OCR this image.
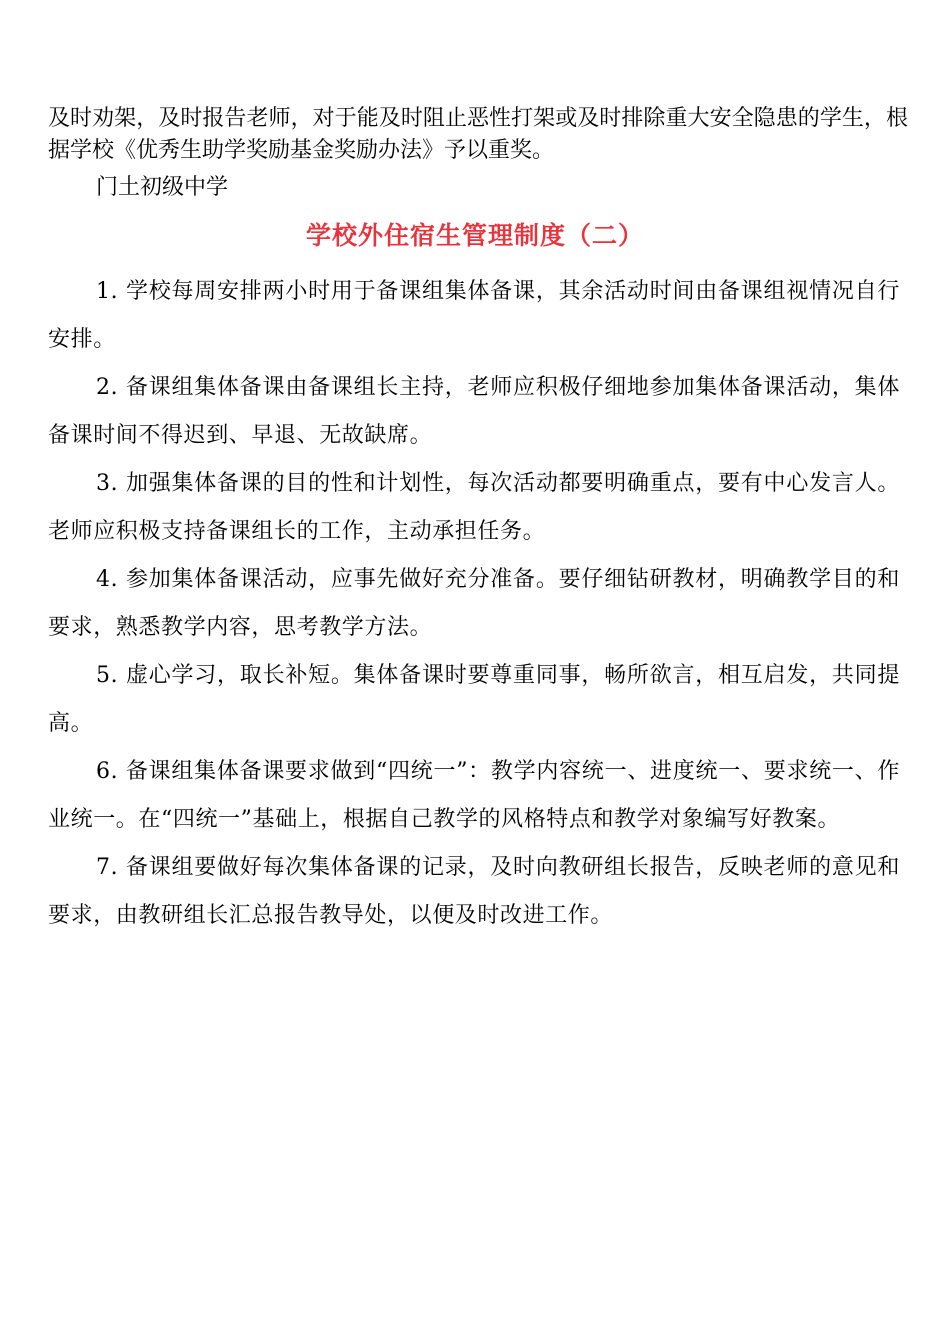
及时劝架，及时报告老师，对于能及时阻止恶性打架或及时排除重大安全隐患的学生，根据学校《优秀生助学奖励基金奖励办法》予以重奖。

门土初级中学

学校外住宿生管理制度（二）

1. 学校每周安排两小时用于备课组集体备课，其余活动时间由备课组视情况自行安排。

2. 备课组集体备课由备课组长主持，老师应积极仔细地参加集体备课活动，集体备课时间不得迟到、早退、无故缺席。

3. 加强集体备课的目的性和计划性，每次活动都要明确重点，要有中心发言人。老师应积极支持备课组长的工作，主动承担任务。

4. 参加集体备课活动，应事先做好充分准备。要仔细钻研教材，明确教学目的和要求，熟悉教学内容，思考教学方法。

5. 虚心学习，取长补短。集体备课时要尊重同事，畅所欲言，相互启发，共同提高。

6. 备课组集体备课要求做到“四统一”：教学内容统一、进度统一、要求统一、作业统一。在“四统一”基础上，根据自己教学的风格特点和教学对象编写好教案。

7. 备课组要做好每次集体备课的记录，及时向教研组长报告，反映老师的意见和要求，由教研组长汇总报告教导处，以便及时改进工作。
